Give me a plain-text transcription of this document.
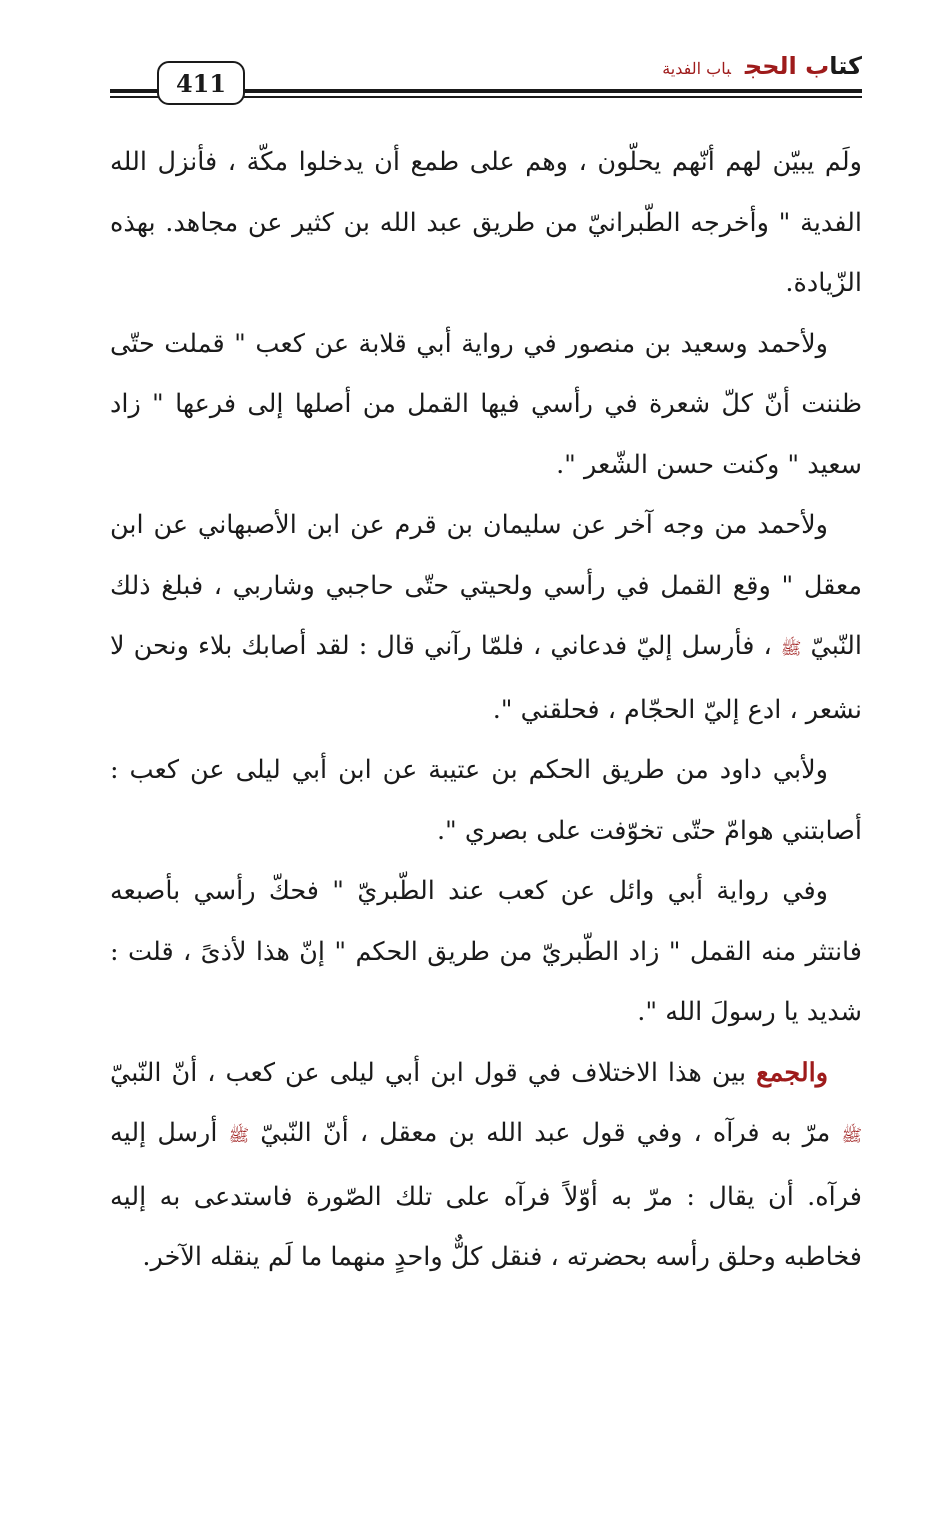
كتاب الحجباب الفدية
411

ولَم يبيّن لهم أنّهم يحلّون ، وهم على طمع أن يدخلوا مكّة ، فأنزل الله الفدية " وأخرجه الطّبرانيّ من طريق عبد الله بن كثير عن مجاهد. بهذه الزّيادة.

ولأحمد وسعيد بن منصور في رواية أبي قلابة عن كعب " قملت حتّى ظننت أنّ كلّ شعرة في رأسي فيها القمل من أصلها إلى فرعها " زاد سعيد " وكنت حسن الشّعر ".

ولأحمد من وجه آخر عن سليمان بن قرم عن ابن الأصبهاني عن ابن معقل " وقع القمل في رأسي ولحيتي حتّى حاجبي وشاربي ، فبلغ ذلك النّبيّ ﷺ ، فأرسل إليّ فدعاني ، فلمّا رآني قال : لقد أصابك بلاء ونحن لا نشعر ، ادع إليّ الحجّام ، فحلقني ".

ولأبي داود من طريق الحكم بن عتيبة عن ابن أبي ليلى عن كعب : أصابتني هوامّ حتّى تخوّفت على بصري ".

وفي رواية أبي وائل عن كعب عند الطّبريّ " فحكّ رأسي بأصبعه فانتثر منه القمل " زاد الطّبريّ من طريق الحكم " إنّ هذا لأذىً ، قلت : شديد يا رسولَ الله ".

والجمع بين هذا الاختلاف في قول ابن أبي ليلى عن كعب ، أنّ النّبيّ ﷺ مرّ به فرآه ، وفي قول عبد الله بن معقل ، أنّ النّبيّ ﷺ أرسل إليه فرآه. أن يقال : مرّ به أوّلاً فرآه على تلك الصّورة فاستدعى به إليه فخاطبه وحلق رأسه بحضرته ، فنقل كلٌّ واحدٍ منهما ما لَم ينقله الآخر.
